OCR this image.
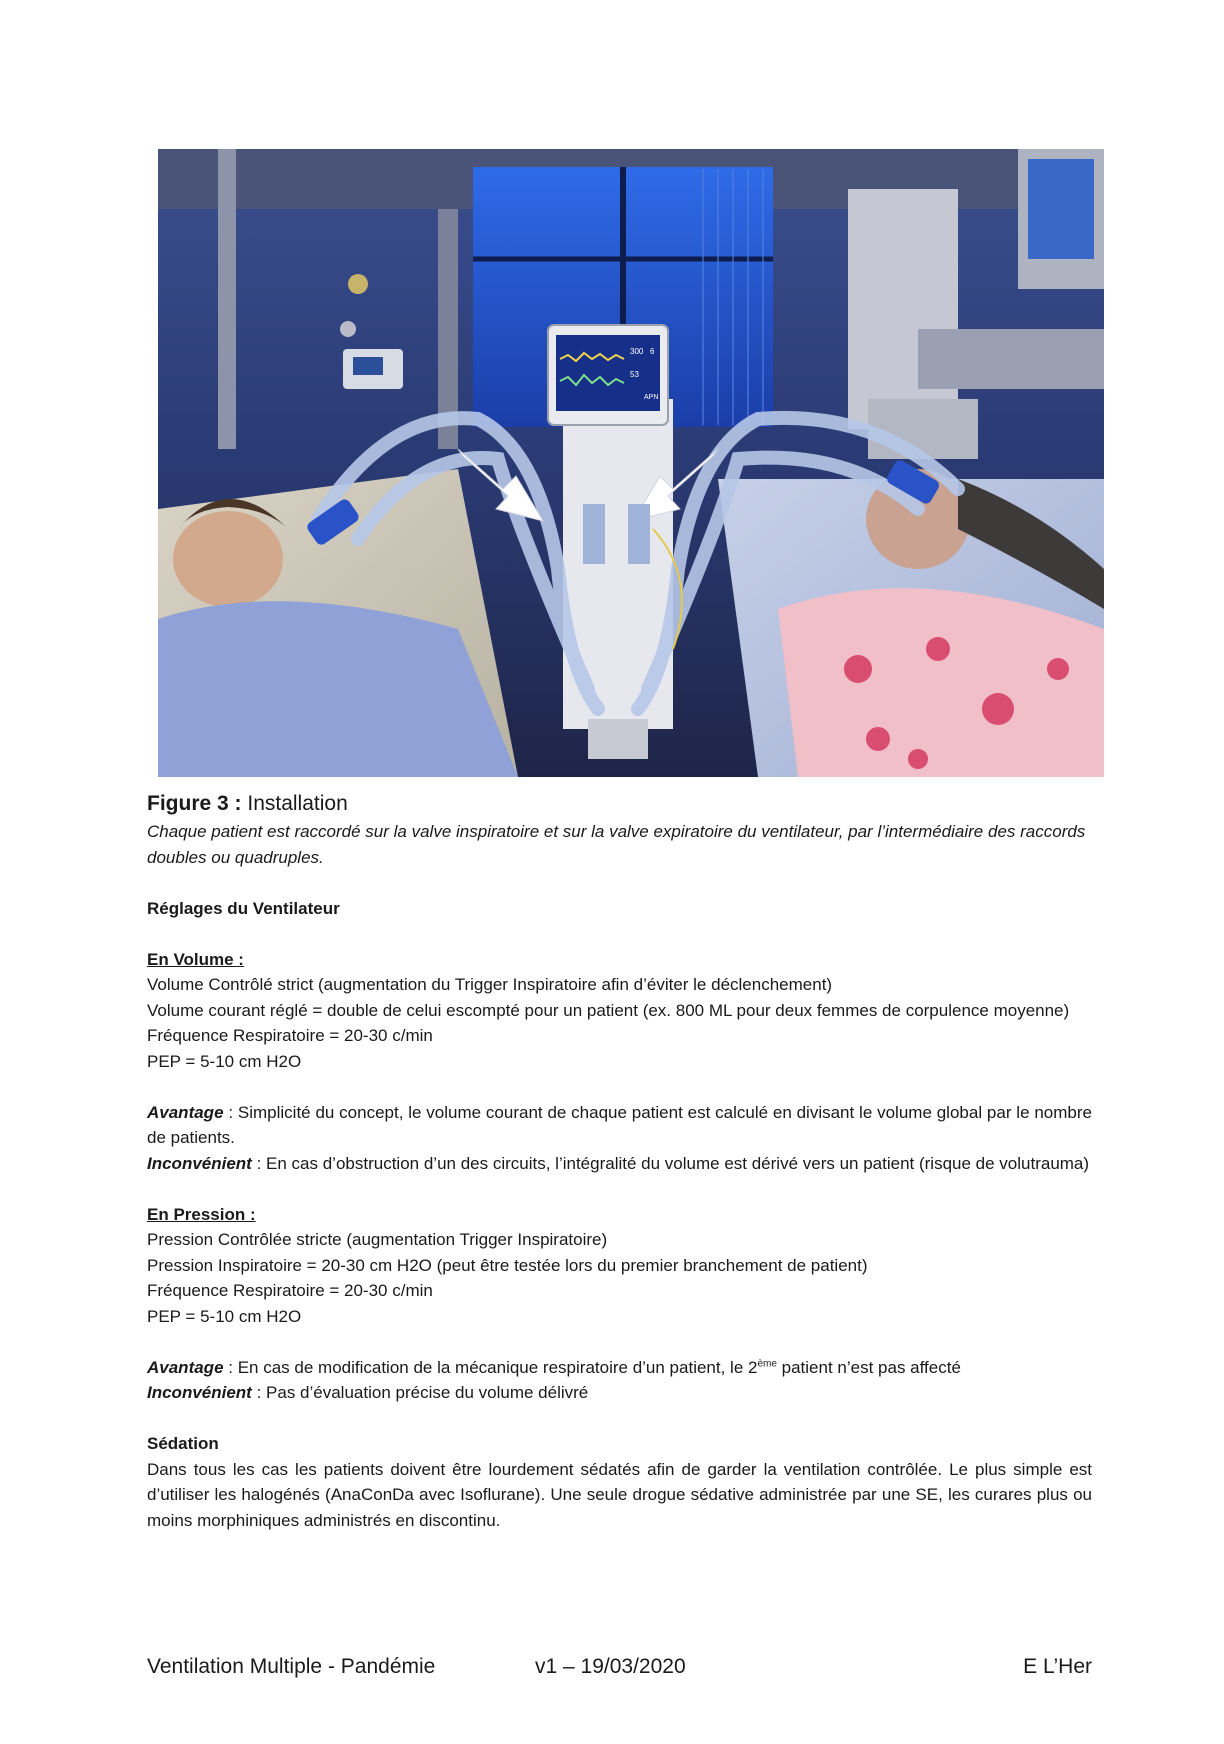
300 6
53
APN

Figure 3 : Installation

Chaque patient est raccordé sur la valve inspiratoire et sur la valve expiratoire du ventilateur, par l’intermédiaire des raccords doubles ou quadruples.

Réglages du Ventilateur

En Volume :

Volume Contrôlé strict (augmentation du Trigger Inspiratoire afin d’éviter le déclenchement)

Volume courant réglé = double de celui escompté pour un patient (ex. 800 ML pour deux femmes de corpulence moyenne)

Fréquence Respiratoire = 20-30 c/min

PEP = 5-10 cm H2O

Avantage : Simplicité du concept, le volume courant de chaque patient est calculé en divisant le volume global par le nombre de patients.

Inconvénient : En cas d’obstruction d’un des circuits, l’intégralité du volume est dérivé vers un patient (risque de volutrauma)

En Pression :

Pression Contrôlée stricte (augmentation Trigger Inspiratoire)

Pression Inspiratoire = 20-30 cm H2O (peut être testée lors du premier branchement de patient)

Fréquence Respiratoire = 20-30 c/min

PEP = 5-10 cm H2O

Avantage : En cas de modification de la mécanique respiratoire d’un patient, le 2ème patient n’est pas affecté

Inconvénient : Pas d’évaluation précise du volume délivré

Sédation

Dans tous les cas les patients doivent être lourdement sédatés afin de garder la ventilation contrôlée. Le plus simple est d’utiliser les halogénés (AnaConDa avec Isoflurane). Une seule drogue sédative administrée par une SE, les curares plus ou moins morphiniques administrés en discontinu.

Ventilation Multiple - Pandémie	v1 – 19/03/2020	E L’Her
